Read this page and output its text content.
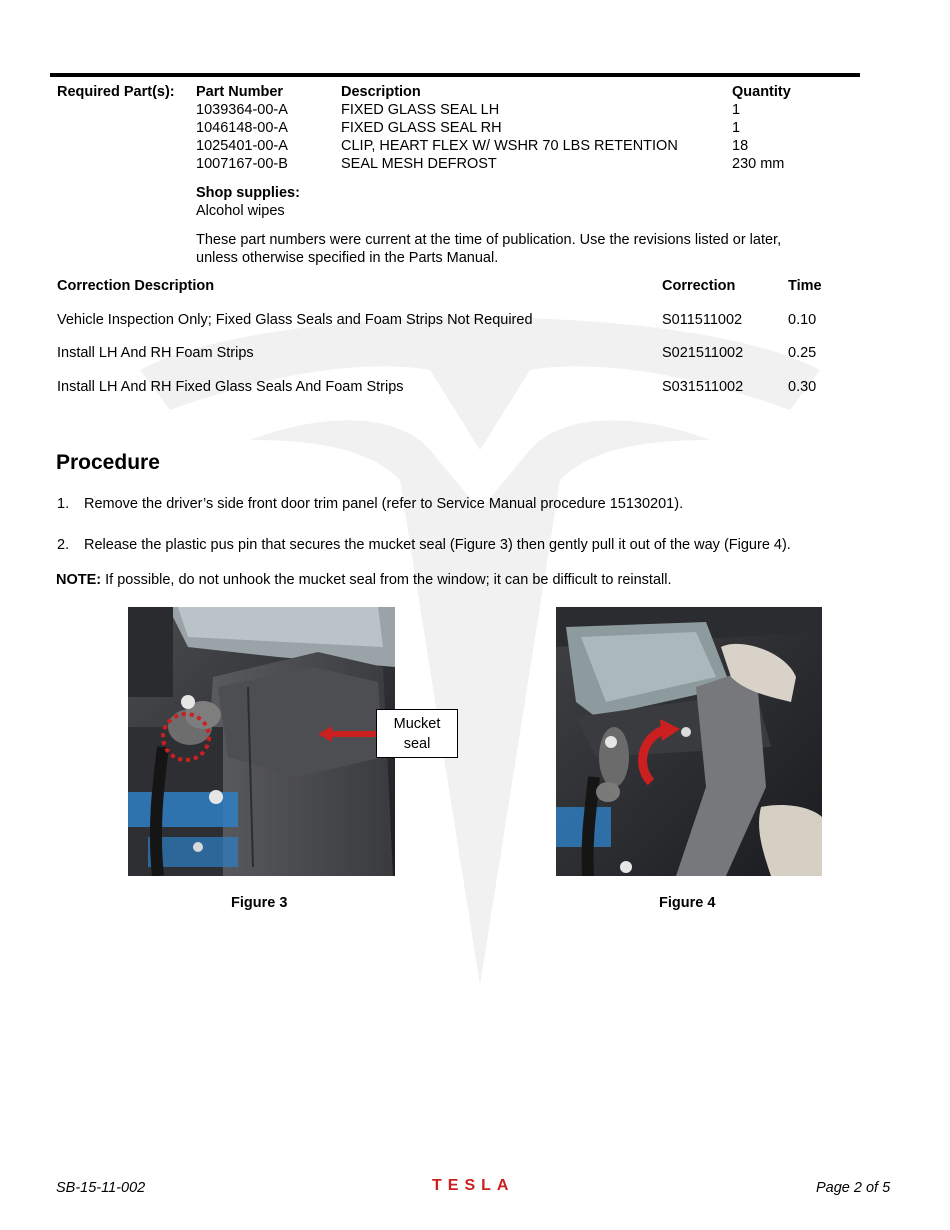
Required Part(s): Part Number	Description	Quantity
1039364-00-A	FIXED GLASS SEAL LH	1
1046148-00-A	FIXED GLASS SEAL RH	1
1025401-00-A	CLIP, HEART FLEX W/ WSHR 70 LBS RETENTION	18
1007167-00-B	SEAL MESH DEFROST	230 mm
Shop supplies:
Alcohol wipes
These part numbers were current at the time of publication. Use the revisions listed or later,
unless otherwise specified in the Parts Manual.
Correction Description	Correction	Time
Vehicle Inspection Only; Fixed Glass Seals and Foam Strips Not Required	S011511002	0.10
Install LH And RH Foam Strips	S021511002	0.25
Install LH And RH Fixed Glass Seals And Foam Strips	S031511002	0.30
Procedure
1. Remove the driver’s side front door trim panel (refer to Service Manual procedure 15130201).
2. Release the plastic pus pin that secures the mucket seal (Figure 3) then gently pull it out of the way (Figure 4).
NOTE: If possible, do not unhook the mucket seal from the window; it can be difficult to reinstall.
Mucket
seal
Figure 3	Figure 4
SB-15-11-002	TESLA	Page 2 of 5
